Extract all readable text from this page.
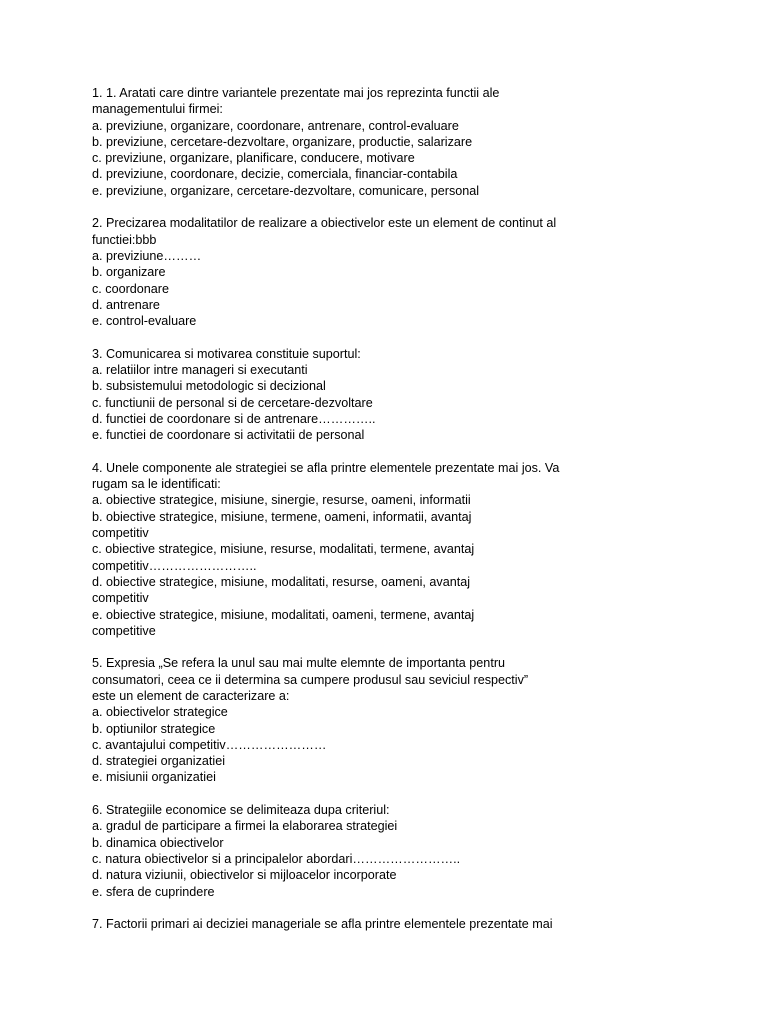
1. 1. Aratati care dintre variantele prezentate mai jos reprezinta functii ale
managementului firmei:
a. previziune, organizare, coordonare, antrenare, control-evaluare
b. previziune, cercetare-dezvoltare, organizare, productie, salarizare
c. previziune, organizare, planificare, conducere, motivare
d. previziune, coordonare, decizie, comerciala, financiar-contabila
e. previziune, organizare, cercetare-dezvoltare, comunicare, personal
2. Precizarea modalitatilor de realizare a obiectivelor este un element de continut al
functiei:bbb
a. previziune………
b. organizare
c. coordonare
d. antrenare
e. control-evaluare
3. Comunicarea si motivarea constituie suportul:
a. relatiilor intre manageri si executanti
b. subsistemului metodologic si decizional
c. functiunii de personal si de cercetare-dezvoltare
d. functiei de coordonare si de antrenare…………..
e. functiei de coordonare si activitatii de personal
4. Unele componente ale strategiei se afla printre elementele prezentate mai jos. Va
rugam sa le identificati:
a. obiective strategice, misiune, sinergie, resurse, oameni, informatii
b. obiective strategice, misiune, termene, oameni, informatii, avantaj
competitiv
c. obiective strategice, misiune, resurse, modalitati, termene, avantaj
competitiv……………………..
d. obiective strategice, misiune, modalitati, resurse, oameni, avantaj
competitiv
e. obiective strategice, misiune, modalitati, oameni, termene, avantaj
competitive
5. Expresia „Se refera la unul sau mai multe elemnte de importanta pentru
consumatori, ceea ce ii determina sa cumpere produsul sau seviciul respectiv”
este un element de caracterizare a:
a. obiectivelor strategice
b. optiunilor strategice
c. avantajului competitiv……………………
d. strategiei organizatiei
e. misiunii organizatiei
6. Strategiile economice se delimiteaza dupa criteriul:
a. gradul de participare a firmei la elaborarea strategiei
b. dinamica obiectivelor
c. natura obiectivelor si a principalelor abordari……………………..
d. natura viziunii, obiectivelor si mijloacelor incorporate
e. sfera de cuprindere
7. Factorii primari ai deciziei manageriale se afla printre elementele prezentate mai
